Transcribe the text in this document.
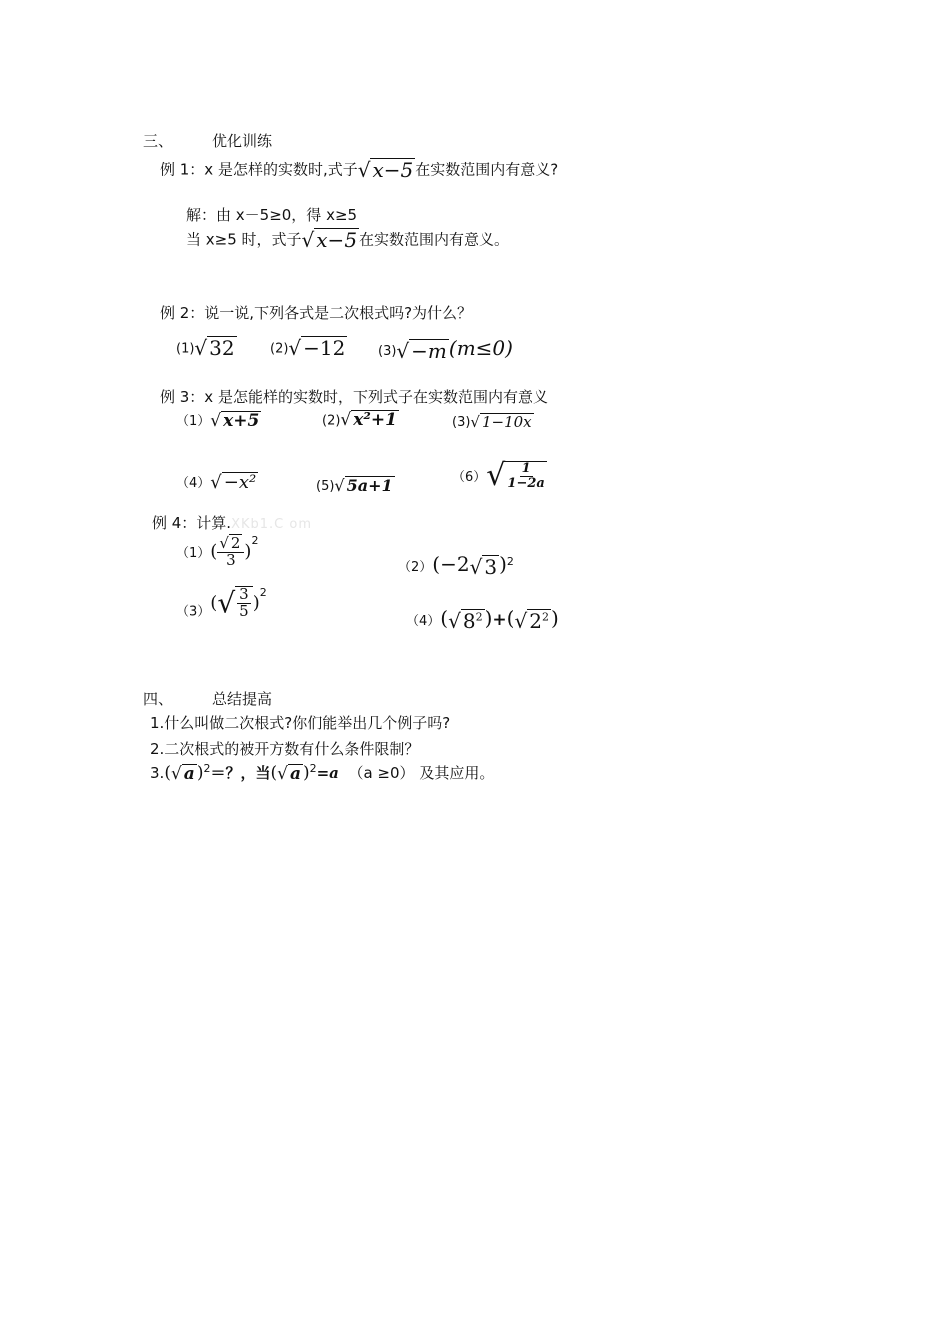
三、	优化训练
例 1：x 是怎样的实数时,式子√ x−5 在实数范围内有意义?
解：由 x－5≥0，得 x≥5
当 x≥5 时，式子√ x−5 在实数范围内有意义。
例 2：说一说,下列各式是二次根式吗?为什么？
(1)√ 32	(2)√ −12	(3)√ −m (m≤0)
例 3：x 是怎能样的实数时，下列式子在实数范围内有意义
（1）√ x+5	(2)√ x²+1	(3)√ 1−10x
（4）√ −x²	(5)√ 5a+1	$(6)√ \frac{1}{1-2a}$
例 4：计算.XKb1.C om
$(1)( \frac{√ 2}{3} )^2$
（2）(−2√ 3 )$^2$
$(3)(√ \frac{3}{5} )^2$
（4）(√ $8^2$ )+(√ $2^2$ )
四、	总结提高
1.什么叫做二次根式?你们能举出几个例子吗?
2.二次根式的被开方数有什么条件限制？
3.(√ a )$^2$＝？，当(√ a )$^2$=a （a ≥0） 及其应用。
